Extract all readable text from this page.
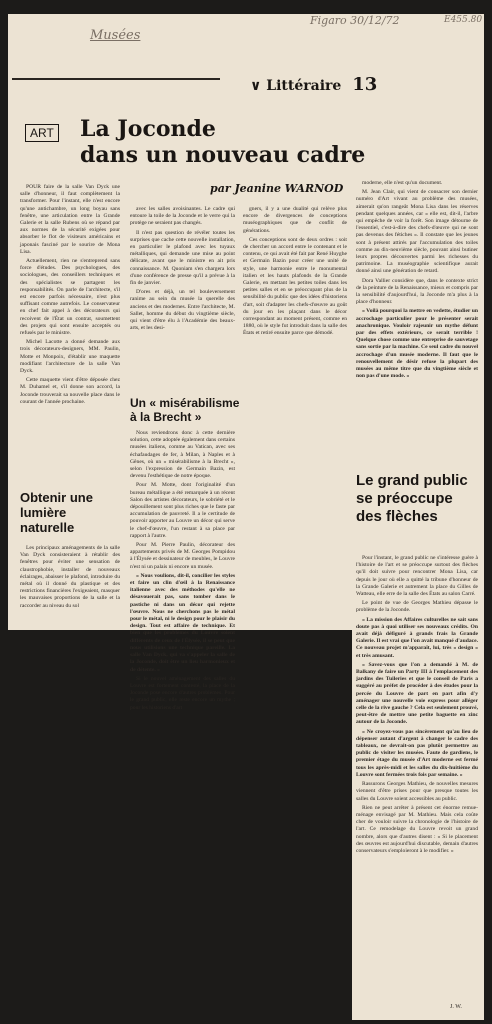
Musées
Figaro 30/12/72	E455.80
∨ Littéraire 13
ART La Joconde
dans un nouveau cadre
par Jeanine WARNOD

POUR faire de la salle Van Dyck une salle d'honneur, il faut complètement la transformer. Pour l'instant, elle n'est encore qu'une antichambre, un long boyau sans fenêtre, une articulation entre la Grande Galerie et la salle Rubens où se répand par aux normes de la sécurité exigées pour absorber le flot de visiteurs américains et japonais fasciné par le sourire de Mona Lisa.

Actuellement, rien ne s'entreprend sans force d'études. Des psychologues, des sociologues, des conseillers techniques et des spécialistes se partagent les responsabilités. On parle de l'architecte, s'il est encore parfois nécessaire, n'est plus suffisant comme autrefois. Le conservateur en chef fait appel à des décorateurs qui recoivent de l'État un contrat, soumettent des projets qui sont ensuite acceptés ou refusés par le ministre.

Michel Lacotte a donné demande aux trois décorateurs-designers, MM. Paulin, Motte et Monpoix, d'établir une maquette modifiant l'architecture de la salle Van Dyck.

Cette maquette vient d'être déposée chez M. Duhamel et, s'il donne son accord, la Joconde trouverait sa nouvelle place dans le courant de l'année prochaine.

Obtenir une lumière naturelle

Les principaux aménagements de la salle Van Dyck consisteraient à rétablir des fenêtres pour éviter une sensation de claustrophobie, installer de nouveaux éclairages, abaisser le plafond, introduire du métal où il donné du plastique et des restrictions financières l'exigeaient, masquer les mauvaises proportions de la salle et la raccorder au niveau du sol

avec les salles avoisinantes. Le cadre qui entoure la toile de la Joconde et le verre qui la protège ne seraient pas changés.

Il n'est pas question de révéler toutes les surprises que cache cette nouvelle installation, en particulier le plafond avec les tuyaux métalliques, qui demande une mise au point délicate, avant que le ministre en ait pris connaissance. M. Quoniam s'en chargera lors d'une conférence de presse qu'il a prévue à la fin de janvier.

D'ores et déjà, un tel bouleversement ranime au sein du musée la querelle des anciens et des modernes. Entre l'architecte, M. Sallet, homme du début du vingtième siècle, qui vient d'être élu à l'Académie des beaux-arts, et les desi-

Un « misérabilisme à la Brecht »

Nous reviendrons donc à cette dernière solution, cette adoptée également dans certains musées italiens, comme au Vatican, avec ses échafaudages de fer, à Milan, à Naples et à Gênes, où un « misérabilisme à la Brecht », selon l'expression de Germain Bazin, est devenu l'esthétique de notre époque.

Pour M. Motte, dont l'originalité d'un bureau métallique a été remarquée à un récent Salon des artistes décorateurs, le sobriété et le dépouillement sont plus riches que le faste par accumulation de pauvreté. Il a le certitude de pouvoir apporter au Louvre un décor qui serve le chef-d'œuvre, l'un restant à sa place par rapport à l'autre.

Pour M. Pierre Paulin, décorateur des appartements privés de M. Georges Pompidou à l'Élysée et dessinateur de meubles, le Louvre n'est ni un palais ni encore un musée.

« Nous voulions, dit-il, concilier les styles et faire un clin d'œil à la Renaissance italienne avec des méthodes qu'elle ne désavouerait pas, sans tomber dans le pastiche ni dans un décor qui rejette l'œuvre. Nous ne cherchons pas le métal pour le métal, ni le design pour le plaisir du design. Tout est affaire de technique. Et bien que les problèmes du Louvre soient différents de ceux de l'Élysée, il se peut que nous utilisions une technique pareille. La salle Van Dyck, qui va s'appeler la salle de la Joconde, doit être un lieu harmonieux et de détente. »

Si le nouvel aménagement des salles du Louvre est fortement contesté, la place de la Joconde pose encore d'autres problèmes. Pour le grand public, elle reste encore un mythe ; pour les historiens d'art

gners, il y a une dualité qui relève plus encore de divergences de conceptions muséographiques que de conflit de générations.

Ces conceptions sont de deux ordres : soit de chercher un accord entre le contenant et le contenu, ce qui avait été fait par René Huyghe et Germain Bazin pour créer une unité de style, une harmonie entre le monumental italien et les hauts plafonds de la Grande Galerie, en mettant les petites toiles dans les petites salles et en se préoccupant plus de la sensibilité du public que des idées d'historiens d'art, soit d'adapter les chefs-d'œuvre au goût du jour en les plaçant dans le décor correspondant au moment présent, comme en 1880, où le style fut introduit dans la salle des États et retiré ensuite parce que démodé.

moderne, elle n'est qu'un document.

M. Jean Clair, qui vient de consacrer son dernier numéro d'Art vivant au problème des musées, aimerait qu'on rangeât Mona Lisa dans les réserves pendant quelques années, car « elle est, dit-il, l'arbre qui empêche de voir la forêt. Son image détourne de l'essentiel, c'est-à-dire des chefs-d'œuvre qui ne sont pas devenus des fétiches ». Il constate que les jeunes sont à présent attirés par l'accumulation des toiles comme au dix-neuvième siècle, pouvant ainsi butiner leurs propres découvertes parmi les richesses du patrimoine. La muséographie scientifique aurait donné ainsi une génération de retard.

Dora Vallier considère que, dans le contexte strict de la peinture de la Renaissance, mieux et compris par la sensibilité d'aujourd'hui, la Joconde m'a plus à la place d'honneur.

« Voilà pourquoi la mettre en vedette, étudier un accrochage particulier pour le présenter serait anachronique. Vouloir rajeunir un mythe défunt par des effets extérieurs, ce serait terrible ! Quelque chose comme une entreprise de sauvetage sans sortie par la machine. Ce seul cadre du nouvel accrochage d'un musée moderne. Il faut que le renouvellement de désir refuse la plupart des musées au même titre que du vingtième siècle et non pas d'une mode. »

Le grand public se préoccupe des flèches

Pour l'instant, le grand public ne s'intéresse guère à l'histoire de l'art et se préoccupe surtout des flèches qu'il doit suivre pour rencontrer Mona Lisa, car depuis le jour où elle a quitté la tribune d'honneur de la Grande Galerie et autrement la place du Gilles de Watteau, elle erre de la salle des États au salon Carré.

Le point de vue de Georges Mathieu dépasse le problème de la Joconde.

« La mission des Affaires culturelles ne sait sans doute pas à quoi utiliser ses nouveaux crédits. On avait déjà défiguré à grands frais la Grande Galerie. Il est vrai que l'on avait manqué d'audace. Ce nouveau projet m'apparaît, lui, très « design » et très amusant.

« Savez-vous que l'on a demandé à M. de Balkany de faire un Party III à l'emplacement des jardins des Tuileries et que le conseil de Paris a suggéré au préfet de procéder à des études pour la percée du Louvre de part en part afin d'y aménager une nouvelle voie express pour alléger celle de la rive gauche ? Cela est seulement prouvé, peut-être de mettre une petite baguette en zinc autour de la Joconde.

« Ne croyez-vous pas sincèrement qu'au lieu de dépenser autant d'argent à changer le cadre des tableaux, ne devrait-on pas plutôt permettre au public de visiter les musées. Faute de gardiens, le premier étage du musée d'Art moderne est fermé tous les après-midi et les salles du dix-huitième du Louvre sont fermées trois fois par semaine. »

Rassurons Georges Mathieu, de nouvelles mesures viennent d'être prises pour que presque toutes les salles du Louvre soient accessibles au public.

Rien ne peut arrêter à présent cet énorme remue-ménage envisagé par M. Mathieu. Mais cela coûte cher de vouloir suivre la chronologie de l'histoire de l'art. Ce remodelage du Louvre revoit un grand nombre, alors que d'autres disent : « Si le placement des œuvres est aujourd'hui discutable, demain d'autres conservateurs s'emploieront à le modifier. »

J. W.
